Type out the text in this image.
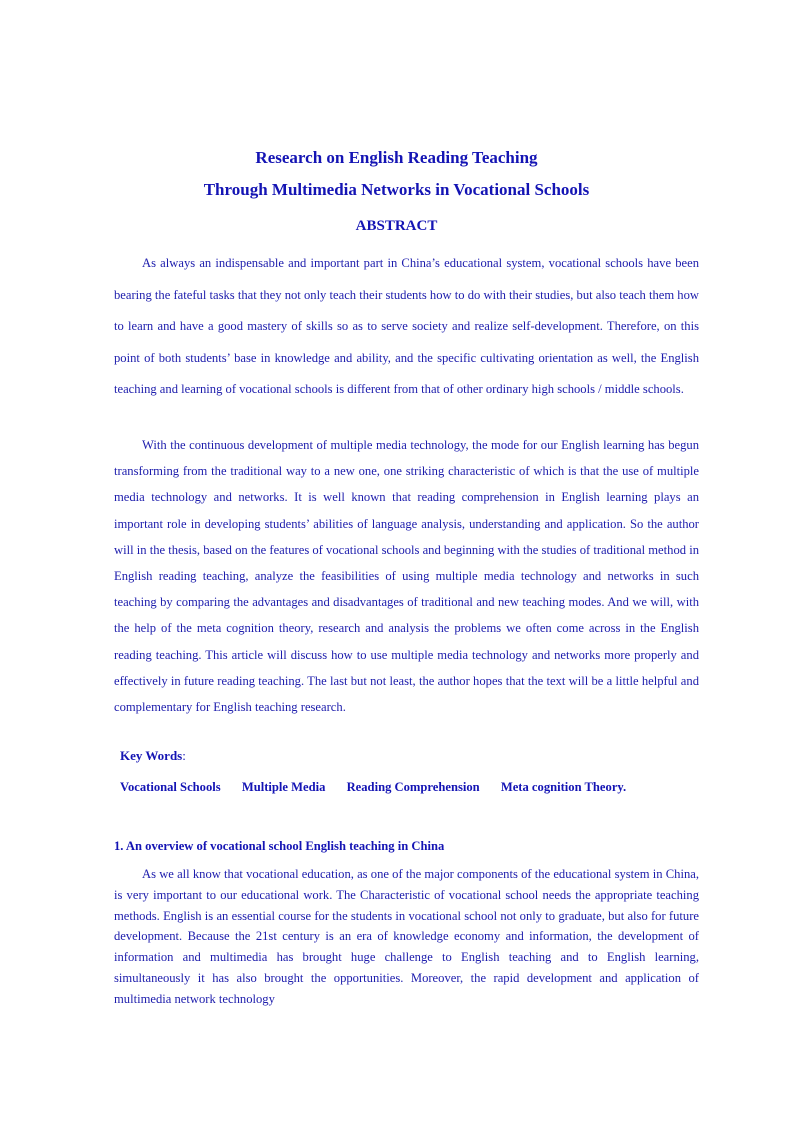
Research on English Reading Teaching
Through Multimedia Networks in Vocational Schools
ABSTRACT

As always an indispensable and important part in China’s educational system, vocational schools have been bearing the fateful tasks that they not only teach their students how to do with their studies, but also teach them how to learn and have a good mastery of skills so as to serve society and realize self-development. Therefore, on this point of both students’ base in knowledge and ability, and the specific cultivating orientation as well, the English teaching and learning of vocational schools is different from that of other ordinary high schools / middle schools.

With the continuous development of multiple media technology, the mode for our English learning has begun transforming from the traditional way to a new one, one striking characteristic of which is that the use of multiple media technology and networks. It is well known that reading comprehension in English learning plays an important role in developing students’ abilities of language analysis, understanding and application. So the author will in the thesis, based on the features of vocational schools and beginning with the studies of traditional method in English reading teaching, analyze the feasibilities of using multiple media technology and networks in such teaching by comparing the advantages and disadvantages of traditional and new teaching modes. And we will, with the help of the meta cognition theory, research and analysis the problems we often come across in the English reading teaching. This article will discuss how to use multiple media technology and networks more properly and effectively in future reading teaching. The last but not least, the author hopes that the text will be a little helpful and complementary for English teaching research.

Key Words:

Vocational Schools Multiple Media Reading Comprehension Meta cognition Theory.

1. An overview of vocational school English teaching in China

As we all know that vocational education, as one of the major components of the educational system in China, is very important to our educational work. The Characteristic of vocational school needs the appropriate teaching methods. English is an essential course for the students in vocational school not only to graduate, but also for future development. Because the 21st century is an era of knowledge economy and information, the development of information and multimedia has brought huge challenge to English teaching and to English learning, simultaneously it has also brought the opportunities. Moreover, the rapid development and application of multimedia network technology
